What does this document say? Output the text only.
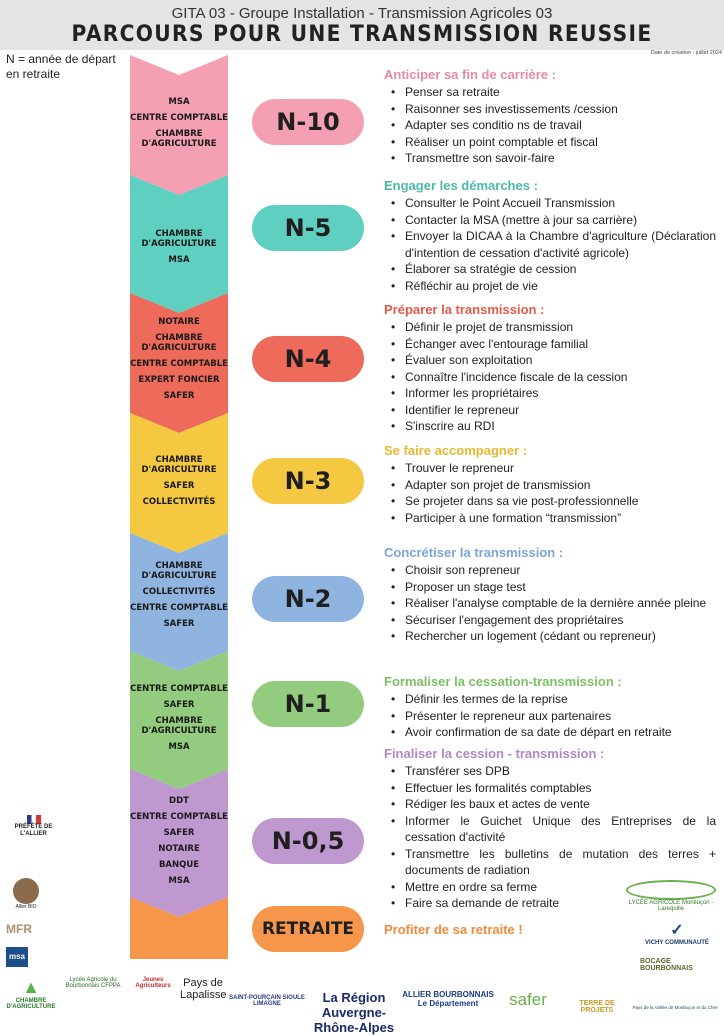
GITA 03 - Groupe Installation - Transmission Agricoles 03
PARCOURS POUR UNE TRANSMISSION REUSSIE
Date de création : juillet 2024
N = année de départ en retraite
MSA
CENTRE COMPTABLE
CHAMBRE D'AGRICULTURE
N-10
Anticiper sa fin de carrière :
• Penser sa retraite
• Raisonner ses investissements /cession
• Adapter ses conditio ns de travail
• Réaliser un point comptable et fiscal
• Transmettre son savoir-faire
CHAMBRE D'AGRICULTURE
MSA
N-5
Engager les démarches :
• Consulter le Point Accueil Transmission
• Contacter la MSA (mettre à jour sa carrière)
• Envoyer la DICAA à la Chambre d'agriculture (Déclaration d'intention de cessation d'activité agricole)
• Élaborer sa stratégie de cession
• Réfléchir au projet de vie
NOTAIRE
CHAMBRE D'AGRICULTURE
CENTRE COMPTABLE
EXPERT FONCIER
SAFER
N-4
Préparer la transmission :
• Définir le projet de transmission
• Échanger avec l'entourage familial
• Évaluer son exploitation
• Connaître l'incidence fiscale de la cession
• Informer les propriétaires
• Identifier le repreneur
• S'inscrire au RDI
CHAMBRE D'AGRICULTURE
SAFER
COLLECTIVITÉS
N-3
Se faire accompagner :
• Trouver le repreneur
• Adapter son projet de transmission
• Se projeter dans sa vie post-professionnelle
• Participer à une formation “transmission”
CHAMBRE D'AGRICULTURE
COLLECTIVITÉS
CENTRE COMPTABLE
SAFER
N-2
Concrétiser la transmission :
• Choisir son repreneur
• Proposer un stage test
• Réaliser l'analyse comptable de la dernière année pleine
• Sécuriser l'engagement des propriétaires
• Rechercher un logement (cédant ou repreneur)
CENTRE COMPTABLE
SAFER
CHAMBRE D'AGRICULTURE
MSA
N-1
Formaliser la cessation-transmission :
• Définir les termes de la reprise
• Présenter le repreneur aux partenaires
• Avoir confirmation de sa date de départ en retraite
DDT
CENTRE COMPTABLE
SAFER
NOTAIRE
BANQUE
MSA
N-0,5
Finaliser la cession - transmission :
• Transférer ses DPB
• Effectuer les formalités comptables
• Rédiger les baux et actes de vente
• Informer le Guichet Unique des Entreprises de la cessation d'activité
• Transmettre les bulletins de mutation des terres + documents de radiation
• Mettre en ordre sa ferme
• Faire sa demande de retraite
RETRAITE	Profiter de sa retraite !
PRÉFÈTE DE L'ALLIER
Allier BIO
MFR
msa
LYCÉE AGRICOLE Montluçon - Larequille
✓
VICHY COMMUNAUTÉ
BOCAGE BOURBONNAIS
▲
CHAMBRE D'AGRICULTURE
Lycée Agricole du Bourbonnais CFPPA
Jeunes Agriculteurs	Pays de Lapalisse SAINT-POURÇAIN SIOULE LIMAGNE	La Région Auvergne-Rhône-Alpes
ALLIER BOURBONNAIS Le Département	safer	TERRE DE PROJETS	Pays de la Vallée de Montluçon et du Cher
